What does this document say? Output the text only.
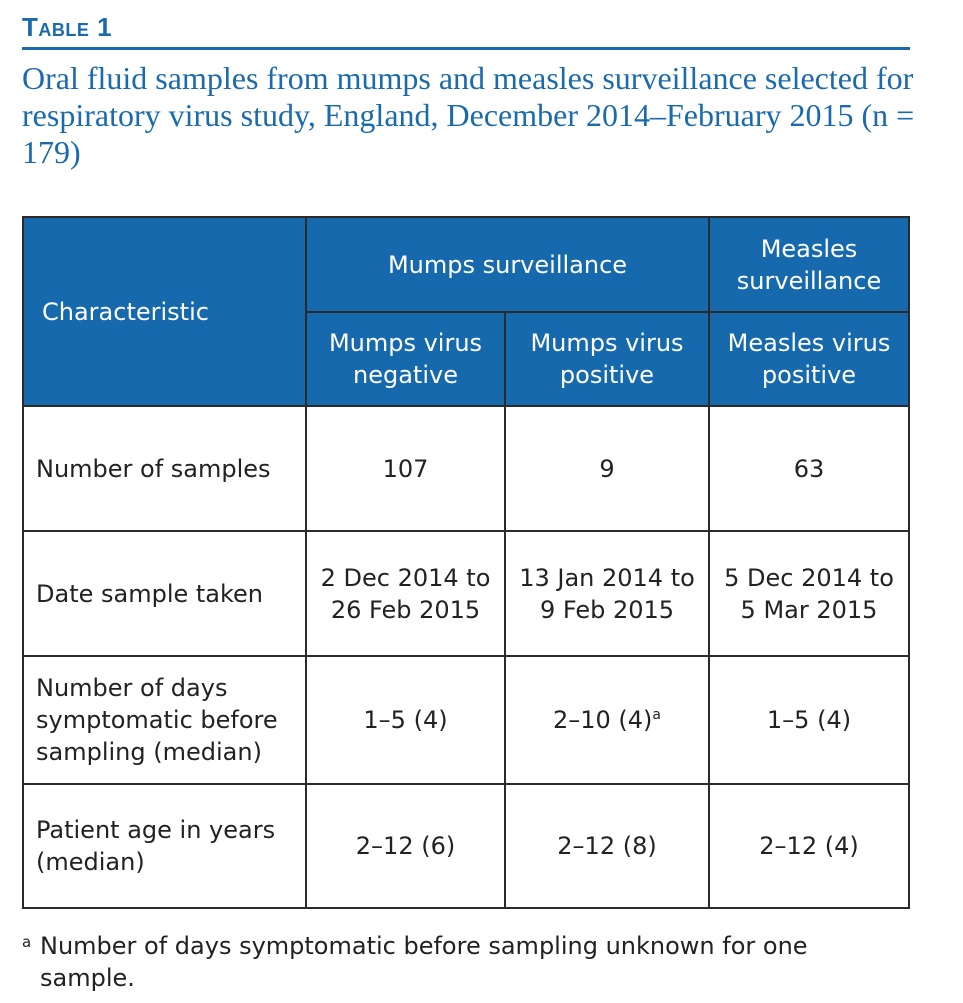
Table 1
Oral fluid samples from mumps and measles surveillance selected for respiratory virus study, England, December 2014–February 2015 (n = 179)
Characteristic	Mumps surveillance		Measles surveillance
	Mumps virus negative	Mumps virus positive	Measles virus positive
Number of samples	107	9	63
Date sample taken	2 Dec 2014 to 26 Feb 2015	13 Jan 2014 to 9 Feb 2015	5 Dec 2014 to 5 Mar 2015
Number of days symptomatic before sampling (median)	1–5 (4)	2–10 $(4)^a$	1–5 (4)
Patient age in years (median)	2–12 (6)	2–12 (8)	2–12 (4)
a Number of days symptomatic before sampling unknown for one sample.
